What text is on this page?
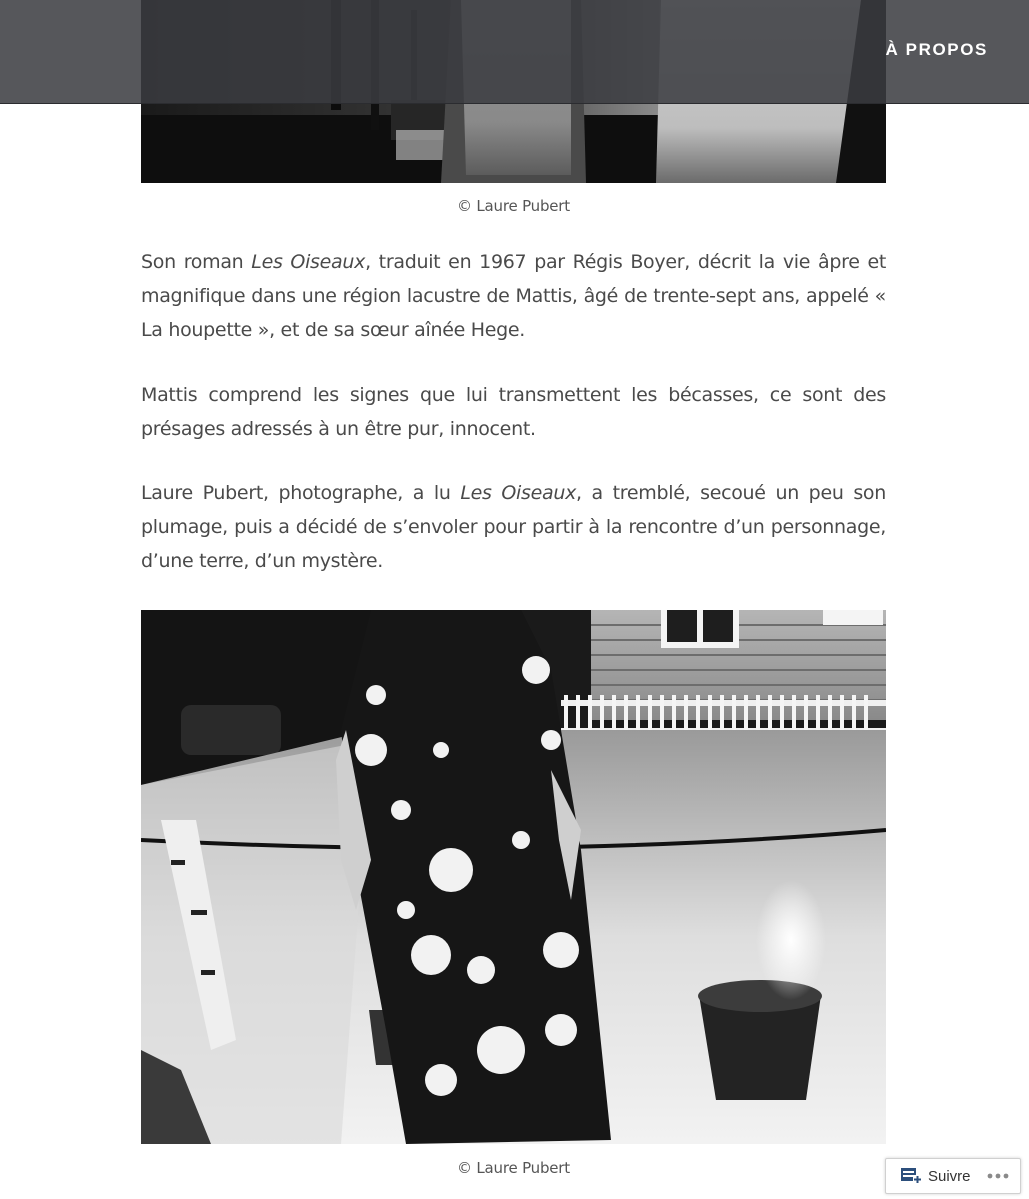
À PROPOS
© Laure Pubert

Son roman Les Oiseaux, traduit en 1967 par Régis Boyer, décrit la vie âpre et magnifique dans une région lacustre de Mattis, âgé de trente-sept ans, appelé « La houpette », et de sa sœur aînée Hege.

Mattis comprend les signes que lui transmettent les bécasses, ce sont des présages adressés à un être pur, innocent.

Laure Pubert, photographe, a lu Les Oiseaux, a tremblé, secoué un peu son plumage, puis a décidé de s’envoler pour partir à la rencontre d’un personnage, d’une terre, d’un mystère.

© Laure Pubert	Suivre
